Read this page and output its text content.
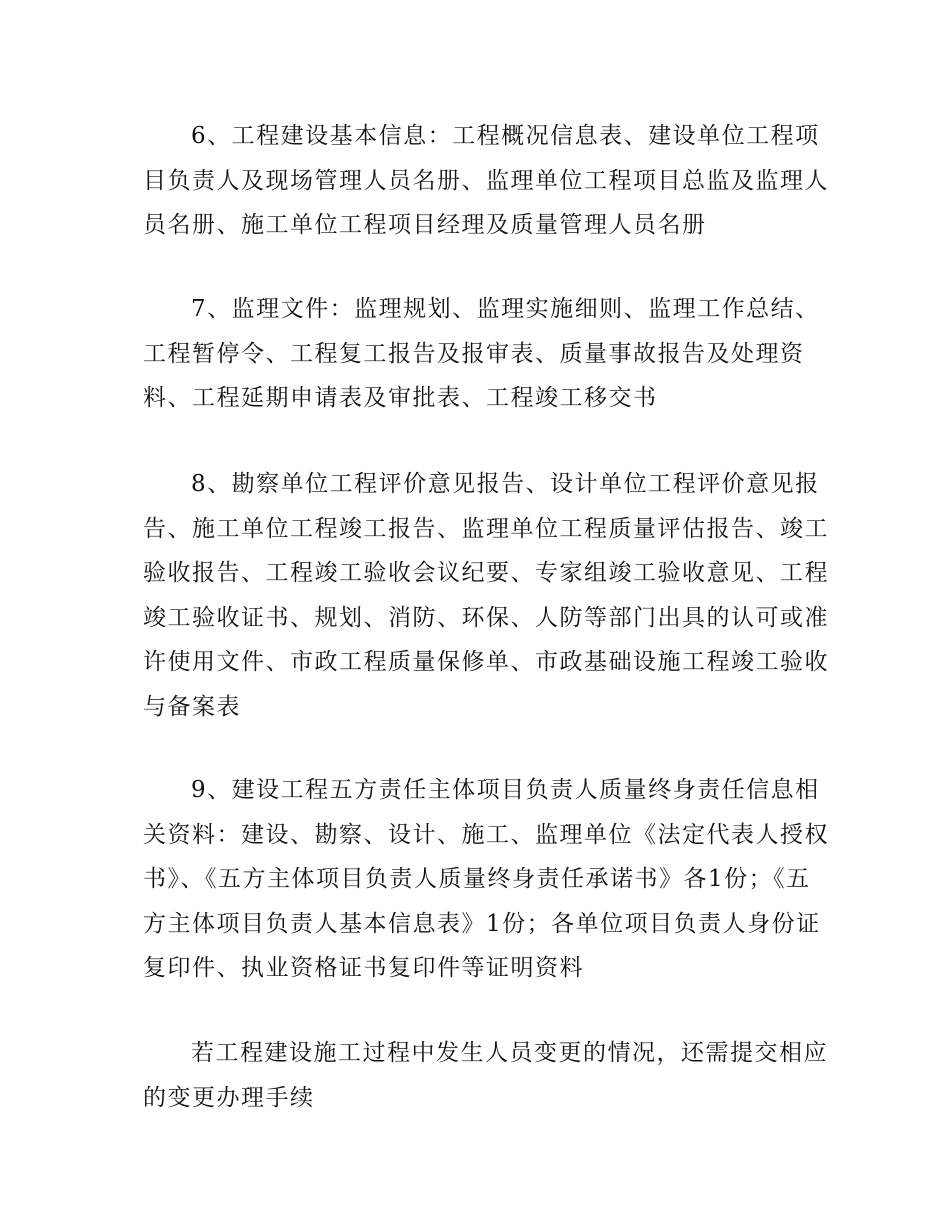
6、工程建设基本信息：工程概况信息表、建设单位工程项目负责人及现场管理人员名册、监理单位工程项目总监及监理人员名册、施工单位工程项目经理及质量管理人员名册

7、监理文件：监理规划、监理实施细则、监理工作总结、工程暂停令、工程复工报告及报审表、质量事故报告及处理资料、工程延期申请表及审批表、工程竣工移交书

8、勘察单位工程评价意见报告、设计单位工程评价意见报告、施工单位工程竣工报告、监理单位工程质量评估报告、竣工验收报告、工程竣工验收会议纪要、专家组竣工验收意见、工程竣工验收证书、规划、消防、环保、人防等部门出具的认可或准许使用文件、市政工程质量保修单、市政基础设施工程竣工验收与备案表

9、建设工程五方责任主体项目负责人质量终身责任信息相关资料：建设、勘察、设计、施工、监理单位《法定代表人授权书》、《五方主体项目负责人质量终身责任承诺书》各1份；《五方主体项目负责人基本信息表》1份；各单位项目负责人身份证复印件、执业资格证书复印件等证明资料

若工程建设施工过程中发生人员变更的情况，还需提交相应的变更办理手续
